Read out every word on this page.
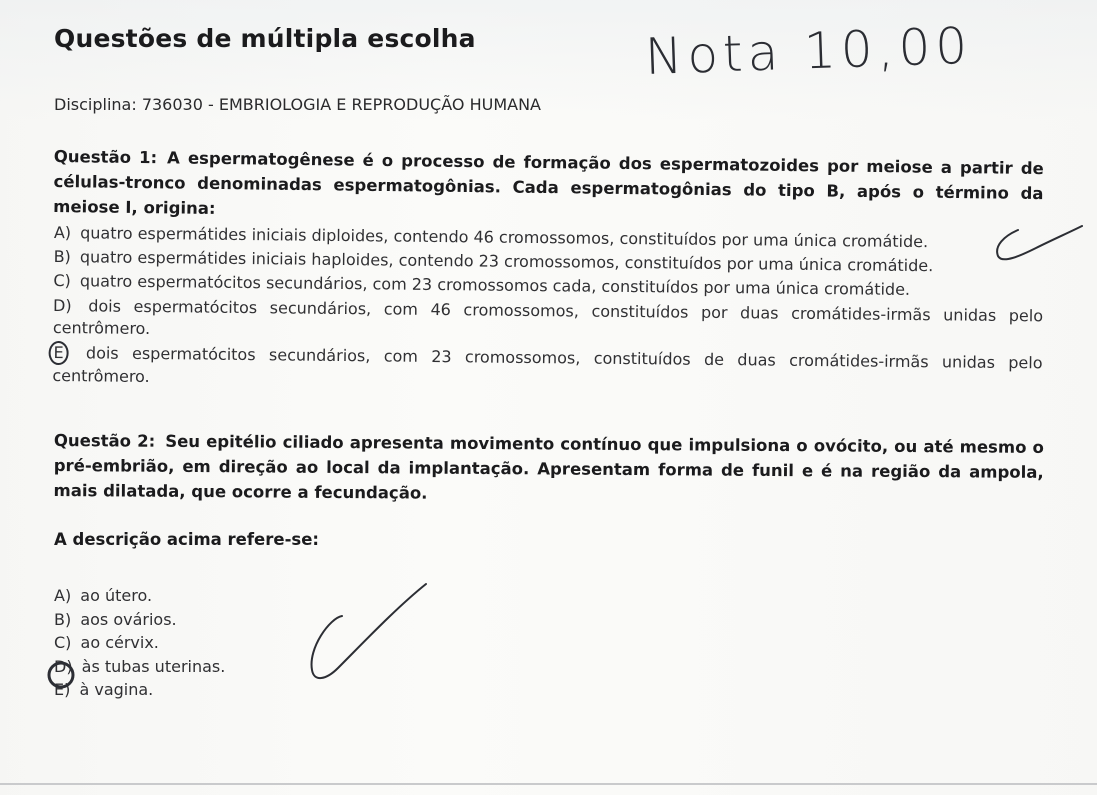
Questões de múltipla escolha
Disciplina: 736030 - EMBRIOLOGIA E REPRODUÇÃO HUMANA
Nota 10,00
Questão 1: A espermatogênese é o processo de formação dos espermatozoides por meiose a partir de células-tronco denominadas espermatogônias. Cada espermatogônias do tipo B, após o término da meiose I, origina:
A) quatro espermátides iniciais diploides, contendo 46 cromossomos, constituídos por uma única cromátide.
B) quatro espermátides iniciais haploides, contendo 23 cromossomos, constituídos por uma única cromátide.
C) quatro espermatócitos secundários, com 23 cromossomos cada, constituídos por uma única cromátide.
D) dois espermatócitos secundários, com 46 cromossomos, constituídos por duas cromátides-irmãs unidas pelo centrômero.
E dois espermatócitos secundários, com 23 cromossomos, constituídos de duas cromátides-irmãs unidas pelo centrômero.
Questão 2: Seu epitélio ciliado apresenta movimento contínuo que impulsiona o ovócito, ou até mesmo o pré-embrião, em direção ao local da implantação. Apresentam forma de funil e é na região da ampola, mais dilatada, que ocorre a fecundação.
A descrição acima refere-se:
A) ao útero.
B) aos ovários.
C) ao cérvix.
D) às tubas uterinas.
E) à vagina.
